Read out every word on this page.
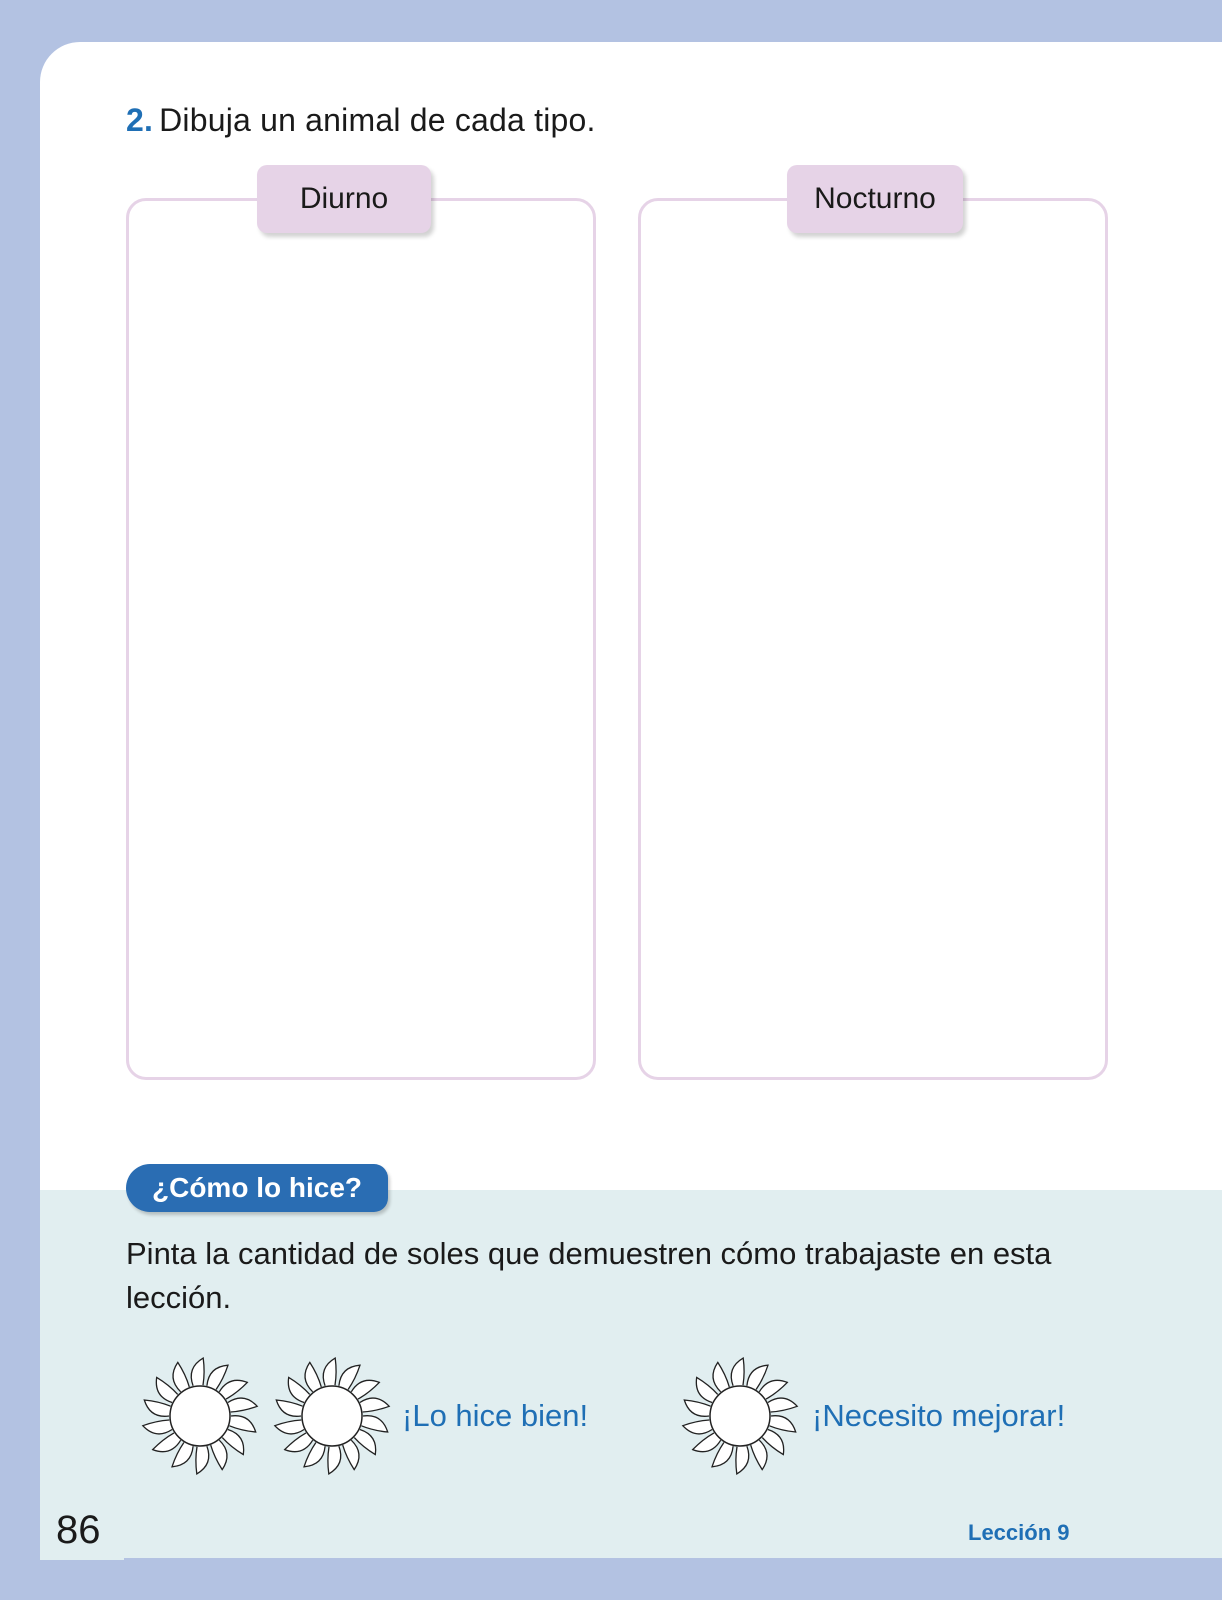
2. Dibuja un animal de cada tipo.
Diurno	Nocturno
¿Cómo lo hice?
Pinta la cantidad de soles que demuestren cómo trabajaste en esta lección.
¡Lo hice bien!	¡Necesito mejorar!
86	Lección 9
